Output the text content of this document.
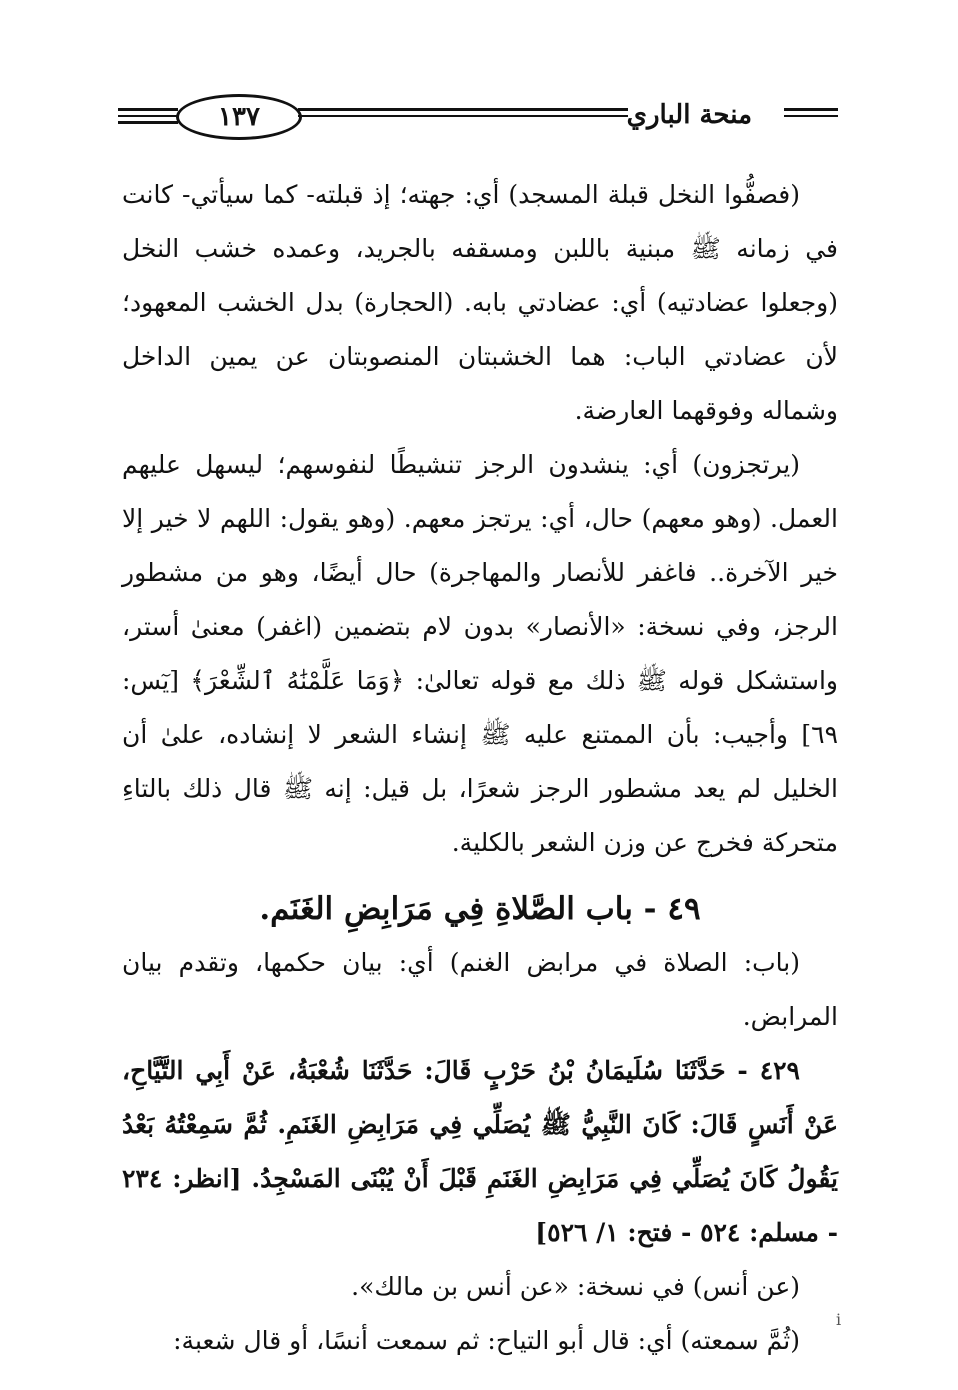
١٣٧	منحة الباري

(فصفُّوا النخل قبلة المسجد) أي: جهته؛ إذ قبلته- كما سيأتي- كانت في زمانه ﷺ مبنية باللبن ومسقفه بالجريد، وعمده خشب النخل (وجعلوا عضادتيه) أي: عضادتي بابه. (الحجارة) بدل الخشب المعهود؛ لأن عضادتي الباب: هما الخشبتان المنصوبتان عن يمين الداخل وشماله وفوقهما العارضة.

(يرتجزون) أي: ينشدون الرجز تنشيطًا لنفوسهم؛ ليسهل عليهم العمل. (وهو معهم) حال، أي: يرتجز معهم. (وهو يقول: اللهم لا خير إلا خير الآخرة.. فاغفر للأنصار والمهاجرة) حال أيضًا، وهو من مشطور الرجز، وفي نسخة: «الأنصار» بدون لام بتضمين (اغفر) معنىٰ أستر، واستشكل قوله ﷺ ذلك مع قوله تعالىٰ: ﴿وَمَا عَلَّمْنَٰهُ ٱلشِّعْرَ﴾ [يٓس: ٦٩] وأجيب: بأن الممتنع عليه ﷺ إنشاء الشعر لا إنشاده، علىٰ أن الخليل لم يعد مشطور الرجز شعرًا، بل قيل: إنه ﷺ قال ذلك بالتاءِ متحركة فخرج عن وزن الشعر بالكلية.

٤٩ - باب الصَّلاةِ فِي مَرَابِضِ الغَنَم.

(باب: الصلاة في مرابض الغنم) أي: بيان حكمها، وتقدم بيان المرابض.

٤٢٩ - حَدَّثَنَا سُلَيمَانُ بْنُ حَرْبٍ قَالَ: حَدَّثَنَا شُعْبَةُ، عَنْ أَبِي التَّيَّاحِ، عَنْ أَنَسٍ قَالَ: كَانَ النَّبِيُّ ﷺ يُصَلِّي فِي مَرَابِضِ الغَنَمِ. ثُمَّ سَمِعْتُهُ بَعْدُ يَقُولُ كَانَ يُصَلِّي فِي مَرَابِضِ الغَنَمِ قَبْلَ أَنْ يُبْنَى المَسْجِدُ. [انظر: ٢٣٤ - مسلم: ٥٢٤ - فتح: ١/ ٥٢٦]

(عن أنس) في نسخة: «عن أنس بن مالك».

(ثُمَّ سمعته) أي: قال أبو التياح: ثم سمعت أنسًا، أو قال شعبة:

ⅰ
